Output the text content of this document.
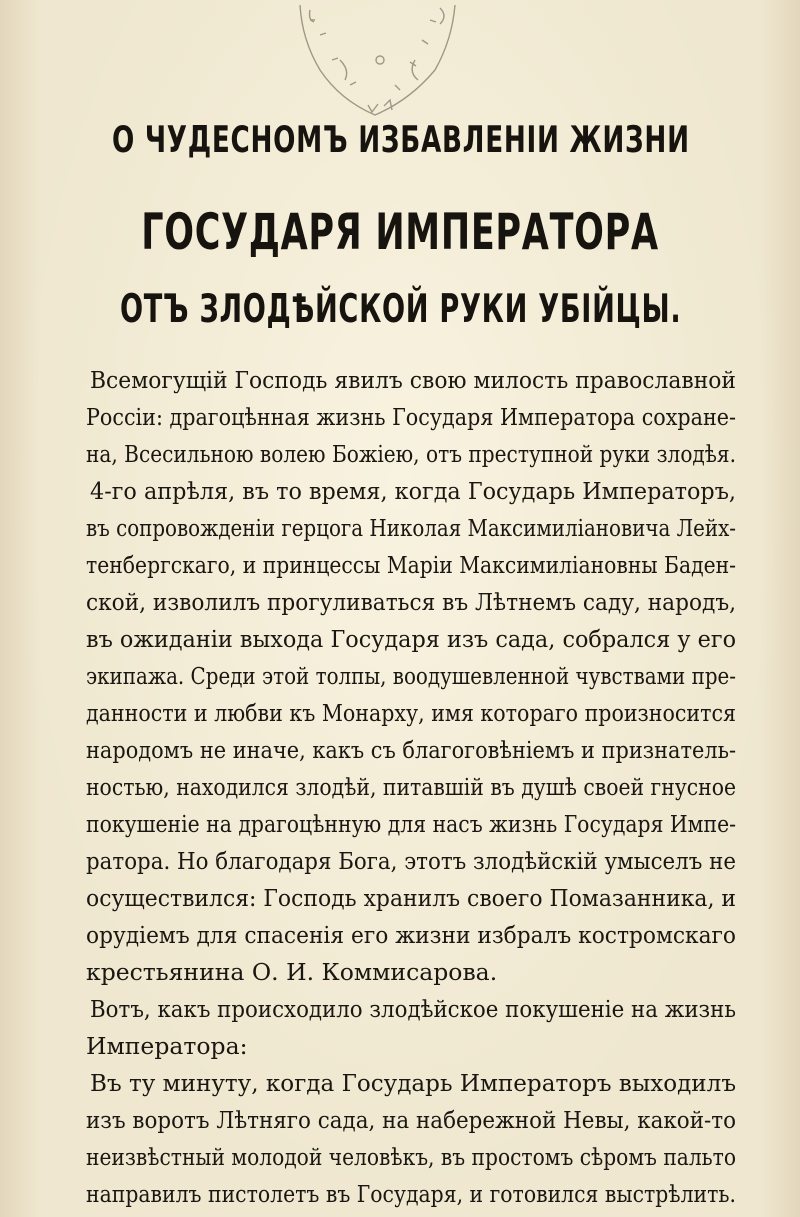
О ЧУДЕСНОМЪ ИЗБАВЛЕНІИ ЖИЗНИ
ГОСУДАРЯ ИМПЕРАТОРА
ОТЪ ЗЛОДѢЙСКОЙ РУКИ УБІЙЦЫ.
Всемогущій Господь явилъ свою милость православной
Россіи: драгоцѣнная жизнь Государя Императора сохране-
на, Всесильною волею Божіею, отъ преступной руки злодѣя.
4-го апрѣля, въ то время, когда Государь Императоръ,
въ сопровожденіи герцога Николая Максимиліановича Лейх-
тенбергскаго, и принцессы Маріи Максимиліановны Баден-
ской, изволилъ прогуливаться въ Лѣтнемъ саду, народъ,
въ ожиданіи выхода Государя изъ сада, собрался у его
экипажа. Среди этой толпы, воодушевленной чувствами пре-
данности и любви къ Монарху, имя котораго произносится
народомъ не иначе, какъ съ благоговѣніемъ и признатель-
ностью, находился злодѣй, питавшій въ душѣ своей гнусное
покушеніе на драгоцѣнную для насъ жизнь Государя Импе-
ратора. Но благодаря Бога, этотъ злодѣйскій умыселъ не
осуществился: Господь хранилъ своего Помазанника, и
орудіемъ для спасенія его жизни избралъ костромскаго
крестьянина О. И. Коммисарова.
Вотъ, какъ происходило злодѣйское покушеніе на жизнь
Императора:
Въ ту минуту, когда Государь Императоръ выходилъ
изъ воротъ Лѣтняго сада, на набережной Невы, какой-то
неизвѣстный молодой человѣкъ, въ простомъ сѣромъ пальто
направилъ пистолетъ въ Государя, и готовился выстрѣлить.
